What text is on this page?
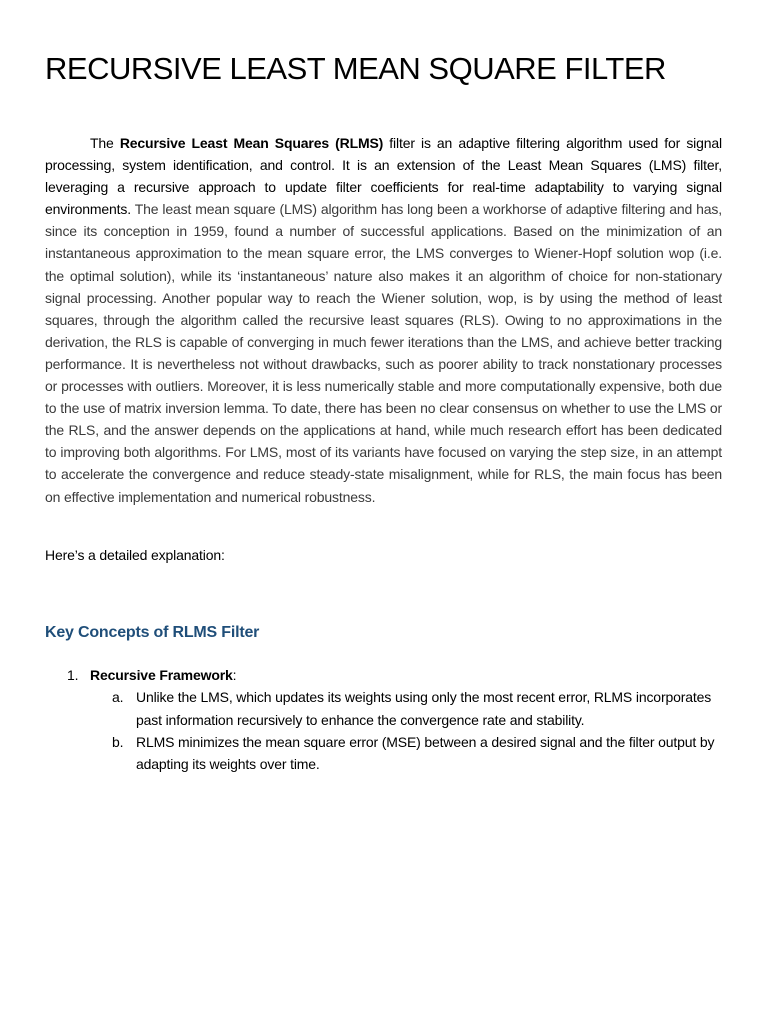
RECURSIVE LEAST MEAN SQUARE FILTER

The Recursive Least Mean Squares (RLMS) filter is an adaptive filtering algorithm used for signal processing, system identification, and control. It is an extension of the Least Mean Squares (LMS) filter, leveraging a recursive approach to update filter coefficients for real-time adaptability to varying signal environments. The least mean square (LMS) algorithm has long been a workhorse of adaptive filtering and has, since its conception in 1959, found a number of successful applications. Based on the minimization of an instantaneous approximation to the mean square error, the LMS converges to Wiener-Hopf solution wop (i.e. the optimal solution), while its ‘instantaneous’ nature also makes it an algorithm of choice for non-stationary signal processing. Another popular way to reach the Wiener solution, wop, is by using the method of least squares, through the algorithm called the recursive least squares (RLS). Owing to no approximations in the derivation, the RLS is capable of converging in much fewer iterations than the LMS, and achieve better tracking performance. It is nevertheless not without drawbacks, such as poorer ability to track nonstationary processes or processes with outliers. Moreover, it is less numerically stable and more computationally expensive, both due to the use of matrix inversion lemma. To date, there has been no clear consensus on whether to use the LMS or the RLS, and the answer depends on the applications at hand, while much research effort has been dedicated to improving both algorithms. For LMS, most of its variants have focused on varying the step size, in an attempt to accelerate the convergence and reduce steady-state misalignment, while for RLS, the main focus has been on effective implementation and numerical robustness.

Here’s a detailed explanation:

Key Concepts of RLMS Filter
1. Recursive Framework:
a. Unlike the LMS, which updates its weights using only the most recent error, RLMS incorporates past information recursively to enhance the convergence rate and stability.
b. RLMS minimizes the mean square error (MSE) between a desired signal and the filter output by adapting its weights over time.
